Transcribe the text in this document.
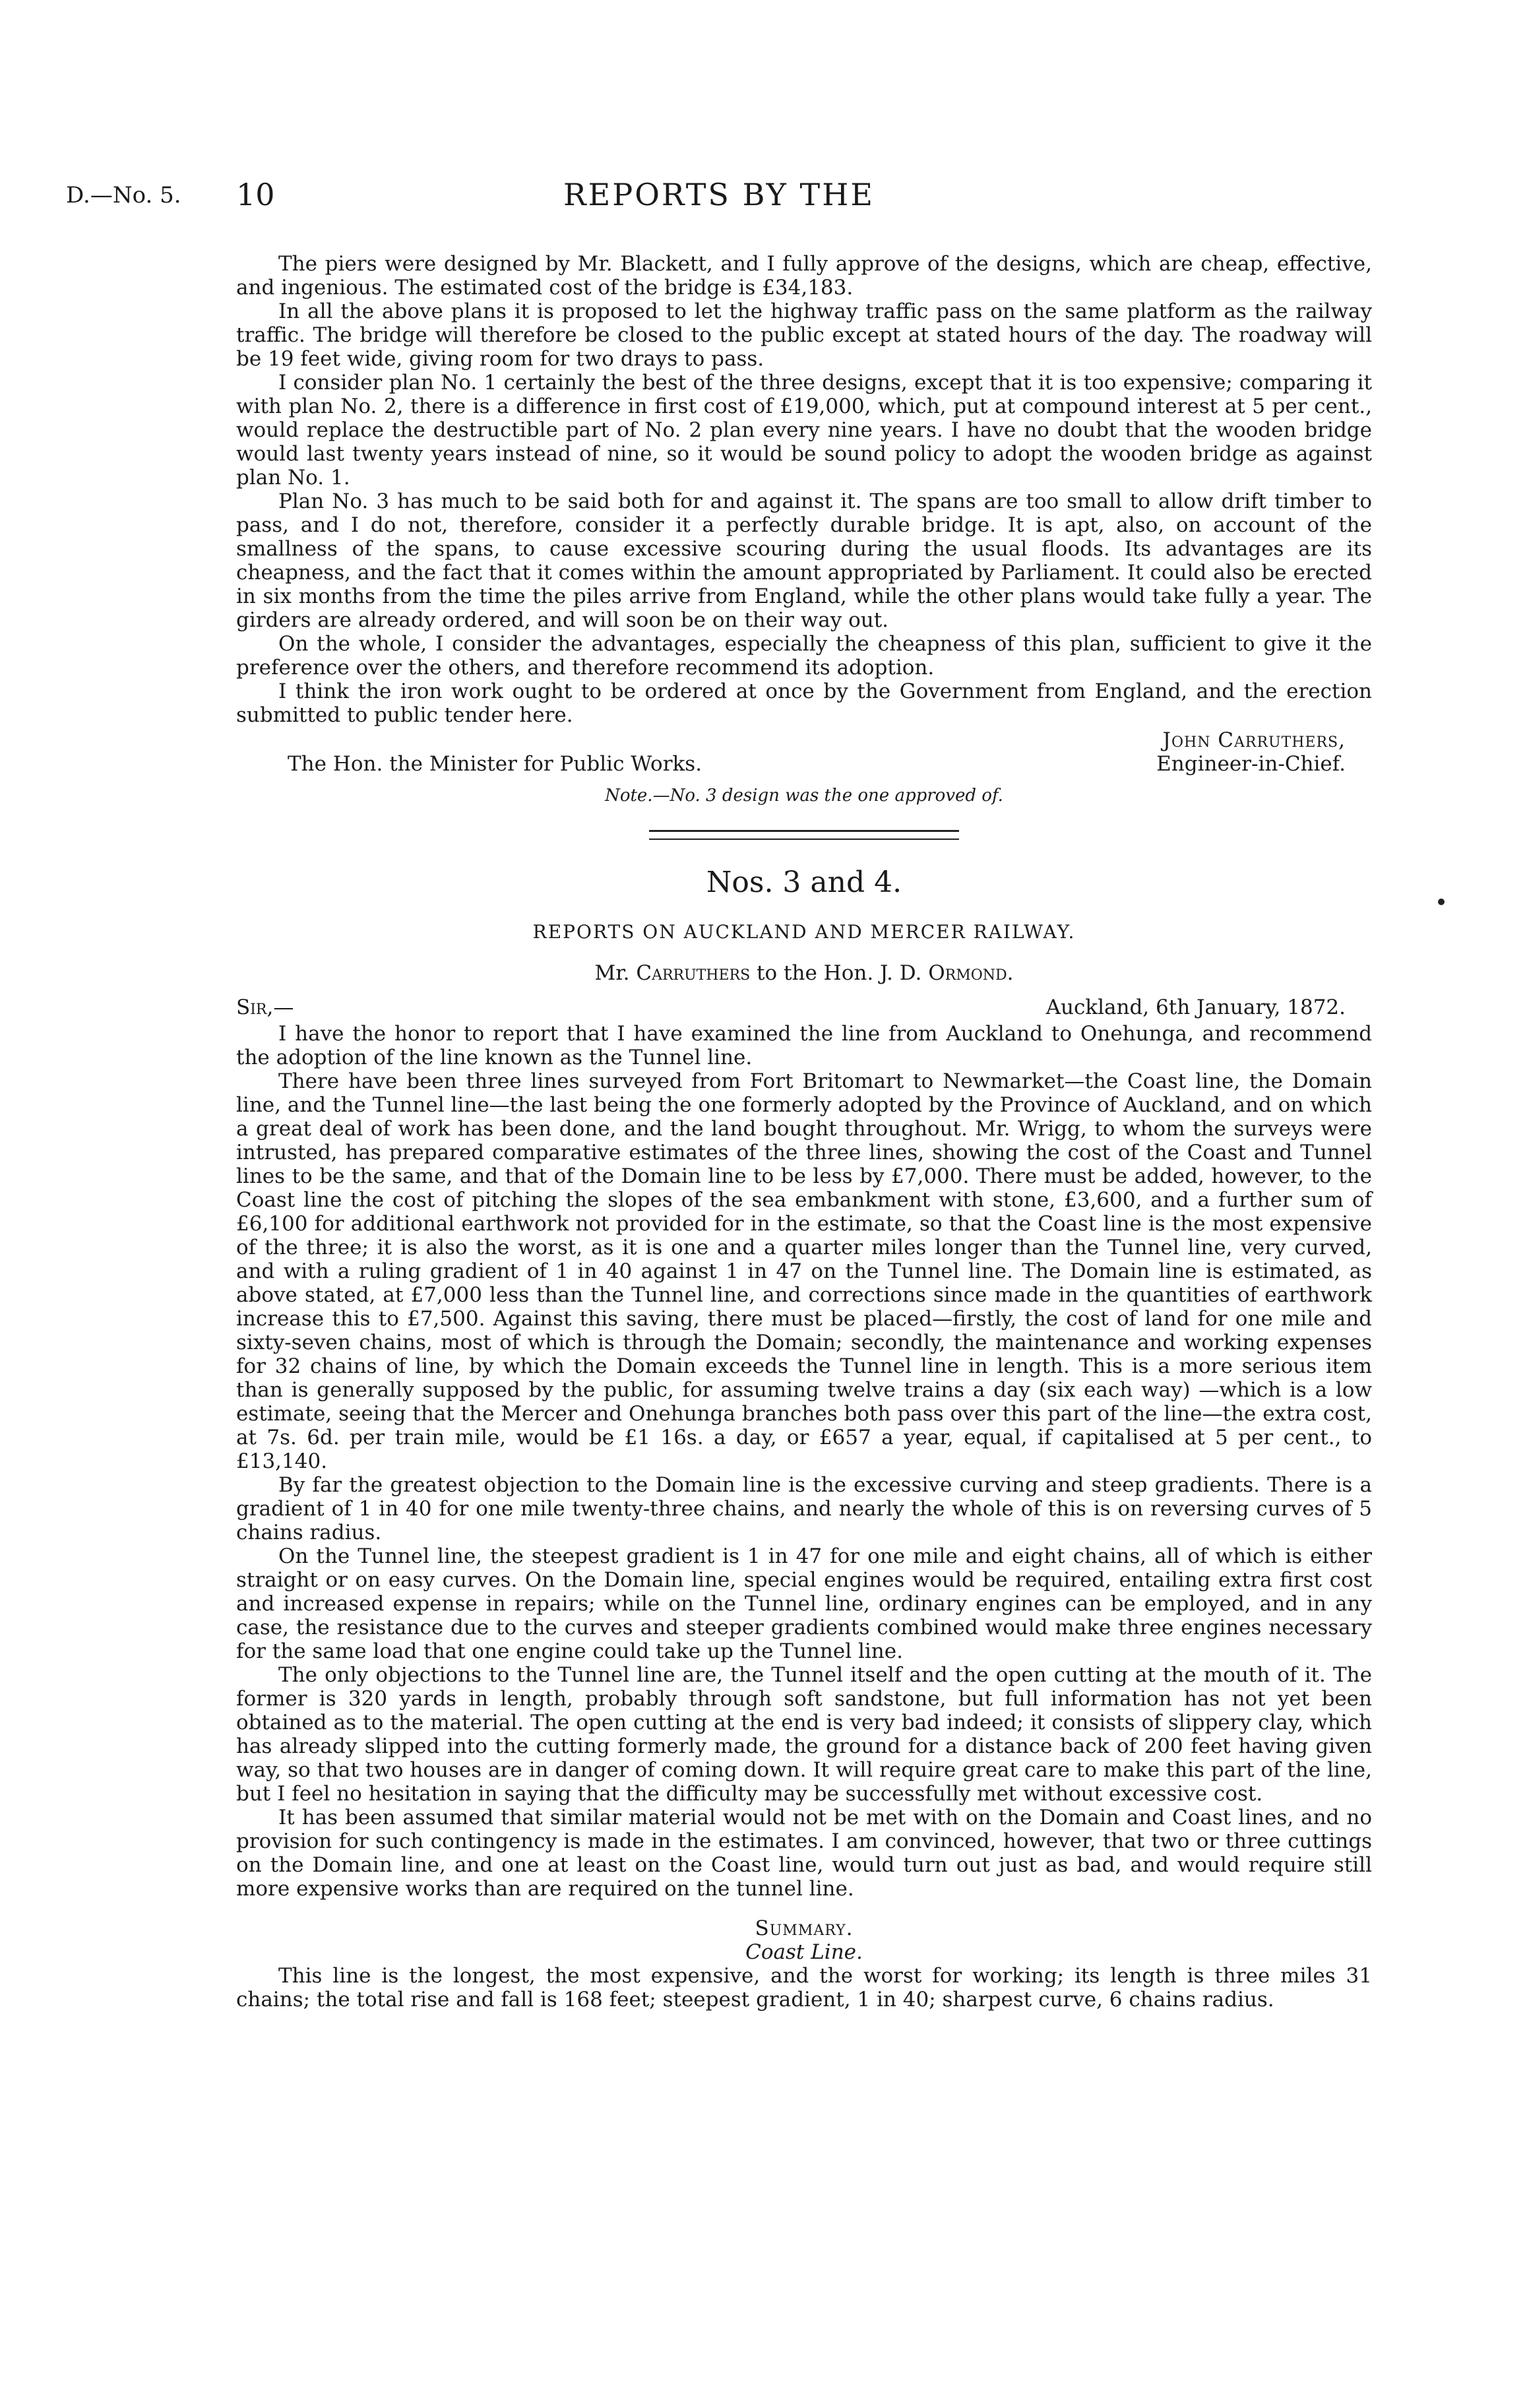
D.—No. 5. 10	REPORTS BY THE

The piers were designed by Mr. Blackett, and I fully approve of the designs, which are cheap, effective, and ingenious. The estimated cost of the bridge is £34,183.

In all the above plans it is proposed to let the highway traffic pass on the same platform as the railway traffic. The bridge will therefore be closed to the public except at stated hours of the day. The roadway will be 19 feet wide, giving room for two drays to pass.

I consider plan No. 1 certainly the best of the three designs, except that it is too expensive; comparing it with plan No. 2, there is a difference in first cost of £19,000, which, put at compound interest at 5 per cent., would replace the destructible part of No. 2 plan every nine years. I have no doubt that the wooden bridge would last twenty years instead of nine, so it would be sound policy to adopt the wooden bridge as against plan No. 1.

Plan No. 3 has much to be said both for and against it. The spans are too small to allow drift timber to pass, and I do not, therefore, consider it a perfectly durable bridge. It is apt, also, on account of the smallness of the spans, to cause excessive scouring during the usual floods. Its advantages are its cheapness, and the fact that it comes within the amount appropriated by Parliament. It could also be erected in six months from the time the piles arrive from England, while the other plans would take fully a year. The girders are already ordered, and will soon be on their way out.

On the whole, I consider the advantages, especially the cheapness of this plan, sufficient to give it the preference over the others, and therefore recommend its adoption.

I think the iron work ought to be ordered at once by the Government from England, and the erection submitted to public tender here.

John Carruthers,
The Hon. the Minister for Public Works.	Engineer-in-Chief.
Note.—No. 3 design was the one approved of.
Nos. 3 and 4.
REPORTS ON AUCKLAND AND MERCER RAILWAY.
Mr. Carruthers to the Hon. J. D. Ormond.
Sir,—	Auckland, 6th January, 1872.

I have the honor to report that I have examined the line from Auckland to Onehunga, and recommend the adoption of the line known as the Tunnel line.

There have been three lines surveyed from Fort Britomart to Newmarket—the Coast line, the Domain line, and the Tunnel line—the last being the one formerly adopted by the Province of Auckland, and on which a great deal of work has been done, and the land bought throughout. Mr. Wrigg, to whom the surveys were intrusted, has prepared comparative estimates of the three lines, showing the cost of the Coast and Tunnel lines to be the same, and that of the Domain line to be less by £7,000. There must be added, however, to the Coast line the cost of pitching the slopes of the sea embankment with stone, £3,600, and a further sum of £6,100 for additional earthwork not provided for in the estimate, so that the Coast line is the most expensive of the three; it is also the worst, as it is one and a quarter miles longer than the Tunnel line, very curved, and with a ruling gradient of 1 in 40 against 1 in 47 on the Tunnel line. The Domain line is estimated, as above stated, at £7,000 less than the Tunnel line, and corrections since made in the quantities of earthwork increase this to £7,500. Against this saving, there must be placed—firstly, the cost of land for one mile and sixty-seven chains, most of which is through the Domain; secondly, the maintenance and working expenses for 32 chains of line, by which the Domain exceeds the Tunnel line in length. This is a more serious item than is generally supposed by the public, for assuming twelve trains a day (six each way) —which is a low estimate, seeing that the Mercer and Onehunga branches both pass over this part of the line—the extra cost, at 7s. 6d. per train mile, would be £1 16s. a day, or £657 a year, equal, if capitalised at 5 per cent., to £13,140.

By far the greatest objection to the Domain line is the excessive curving and steep gradients. There is a gradient of 1 in 40 for one mile twenty-three chains, and nearly the whole of this is on reversing curves of 5 chains radius.

On the Tunnel line, the steepest gradient is 1 in 47 for one mile and eight chains, all of which is either straight or on easy curves. On the Domain line, special engines would be required, entailing extra first cost and increased expense in repairs; while on the Tunnel line, ordinary engines can be employed, and in any case, the resistance due to the curves and steeper gradients combined would make three engines necessary for the same load that one engine could take up the Tunnel line.

The only objections to the Tunnel line are, the Tunnel itself and the open cutting at the mouth of it. The former is 320 yards in length, probably through soft sandstone, but full information has not yet been obtained as to the material. The open cutting at the end is very bad indeed; it consists of slippery clay, which has already slipped into the cutting formerly made, the ground for a distance back of 200 feet having given way, so that two houses are in danger of coming down. It will require great care to make this part of the line, but I feel no hesitation in saying that the difficulty may be successfully met without excessive cost.

It has been assumed that similar material would not be met with on the Domain and Coast lines, and no provision for such contingency is made in the estimates. I am convinced, however, that two or three cuttings on the Domain line, and one at least on the Coast line, would turn out just as bad, and would require still more expensive works than are required on the tunnel line.

Summary.
Coast Line.

This line is the longest, the most expensive, and the worst for working; its length is three miles 31 chains; the total rise and fall is 168 feet; steepest gradient, 1 in 40; sharpest curve, 6 chains radius.
